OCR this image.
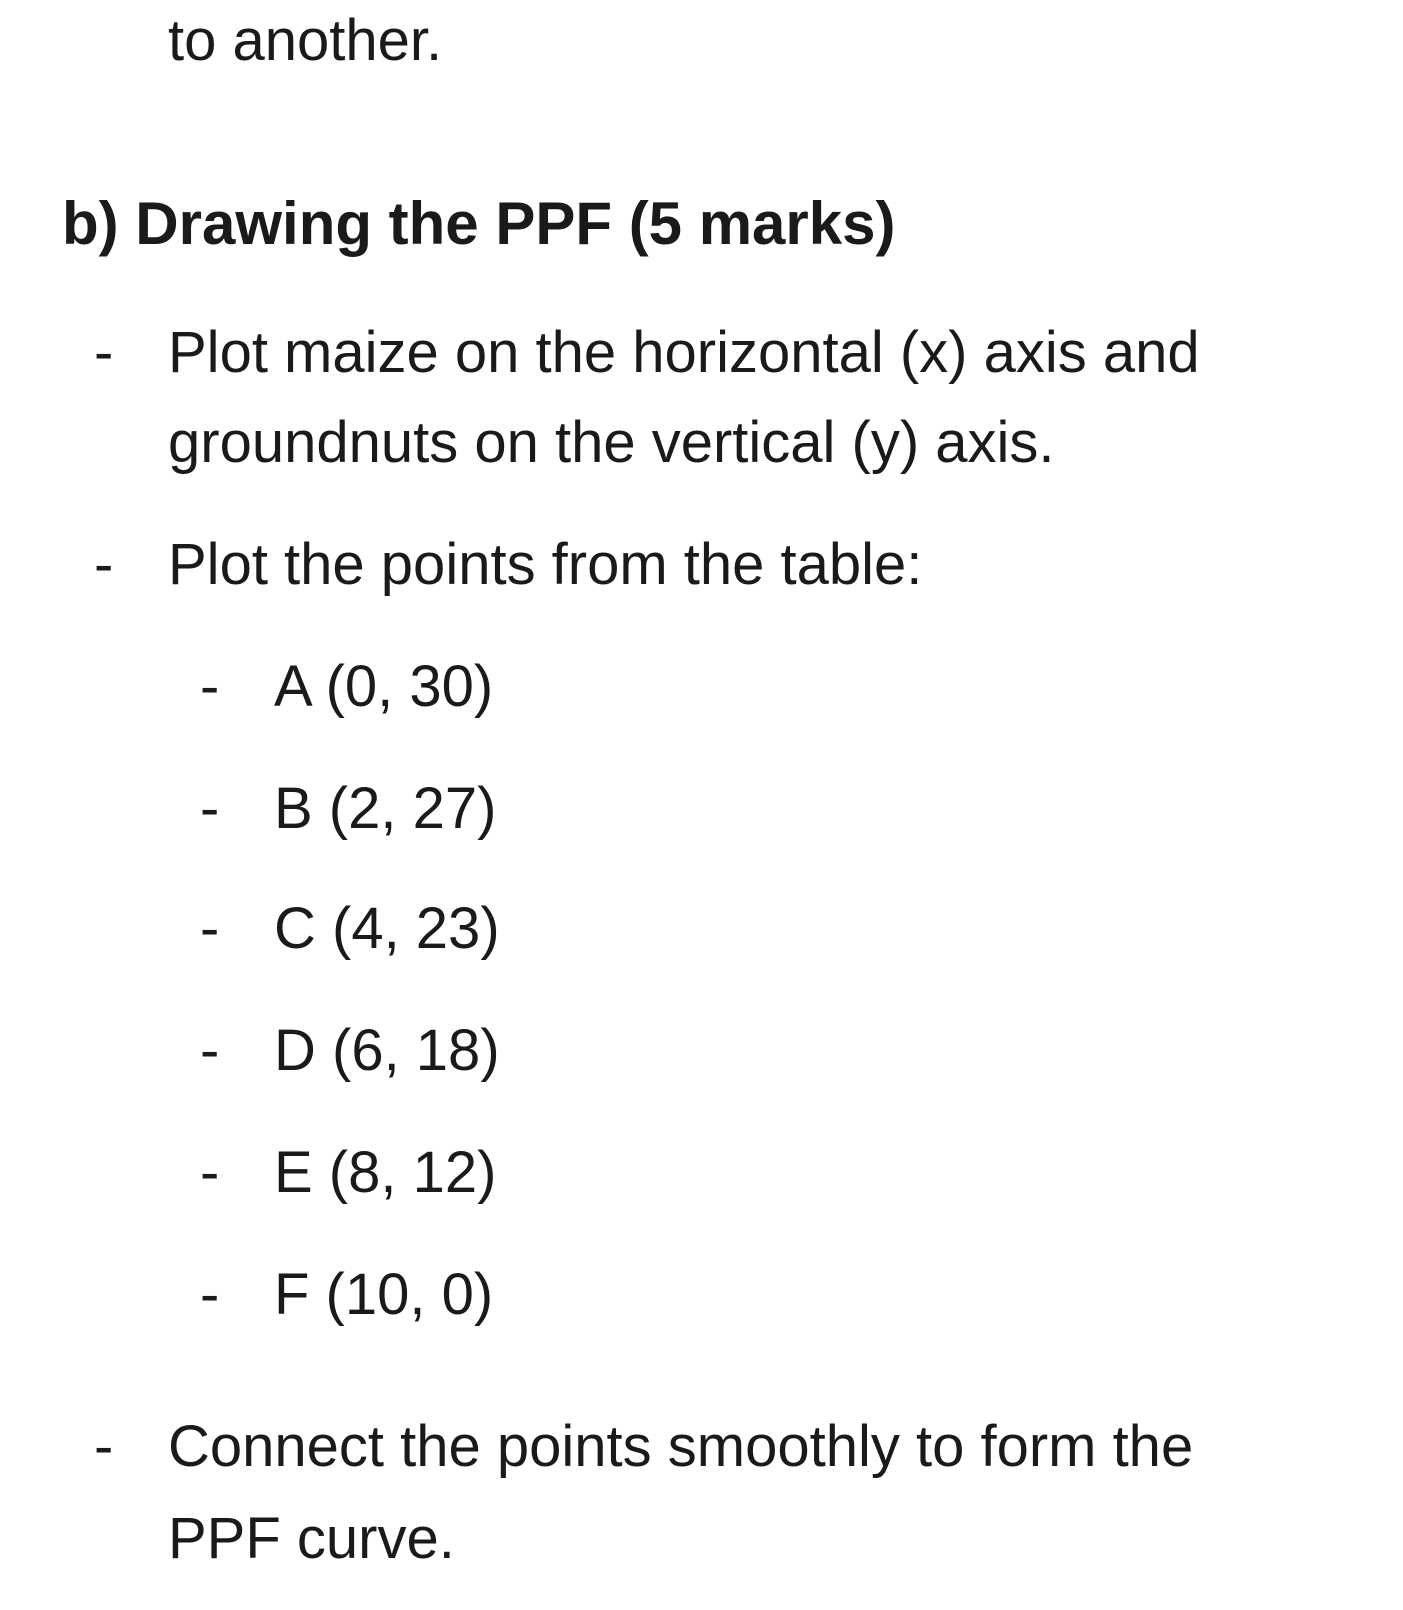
to another.
b) Drawing the PPF (5 marks)
- Plot maize on the horizontal (x) axis and
groundnuts on the vertical (y) axis.
- Plot the points from the table:
- A (0, 30)
- B (2, 27)
- C (4, 23)
- D (6, 18)
- E (8, 12)
- F (10, 0)
- Connect the points smoothly to form the
PPF curve.
